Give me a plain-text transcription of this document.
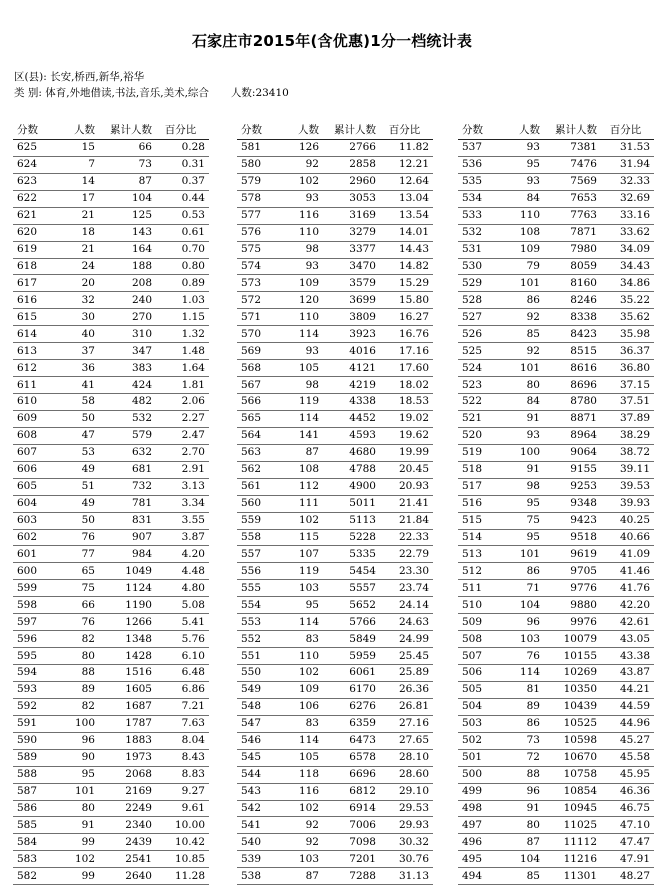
石家庄市2015年(含优惠)1分一档统计表
区(县): 长安,桥西,新华,裕华
类 别: 体育,外地借读,书法,音乐,美术,综合 人数:23410
分数	人数	累计人数	百分比
625	15	66	0.28
624	7	73	0.31
623	14	87	0.37
622	17	104	0.44
621	21	125	0.53
620	18	143	0.61
619	21	164	0.70
618	24	188	0.80
617	20	208	0.89
616	32	240	1.03
615	30	270	1.15
614	40	310	1.32
613	37	347	1.48
612	36	383	1.64
611	41	424	1.81
610	58	482	2.06
609	50	532	2.27
608	47	579	2.47
607	53	632	2.70
606	49	681	2.91
605	51	732	3.13
604	49	781	3.34
603	50	831	3.55
602	76	907	3.87
601	77	984	4.20
600	65	1049	4.48
599	75	1124	4.80
598	66	1190	5.08
597	76	1266	5.41
596	82	1348	5.76
595	80	1428	6.10
594	88	1516	6.48
593	89	1605	6.86
592	82	1687	7.21
591	100	1787	7.63
590	96	1883	8.04
589	90	1973	8.43
588	95	2068	8.83
587	101	2169	9.27
586	80	2249	9.61
585	91	2340	10.00
584	99	2439	10.42
583	102	2541	10.85
582	99	2640	11.28
分数	人数	累计人数	百分比
581	126	2766	11.82
580	92	2858	12.21
579	102	2960	12.64
578	93	3053	13.04
577	116	3169	13.54
576	110	3279	14.01
575	98	3377	14.43
574	93	3470	14.82
573	109	3579	15.29
572	120	3699	15.80
571	110	3809	16.27
570	114	3923	16.76
569	93	4016	17.16
568	105	4121	17.60
567	98	4219	18.02
566	119	4338	18.53
565	114	4452	19.02
564	141	4593	19.62
563	87	4680	19.99
562	108	4788	20.45
561	112	4900	20.93
560	111	5011	21.41
559	102	5113	21.84
558	115	5228	22.33
557	107	5335	22.79
556	119	5454	23.30
555	103	5557	23.74
554	95	5652	24.14
553	114	5766	24.63
552	83	5849	24.99
551	110	5959	25.45
550	102	6061	25.89
549	109	6170	26.36
548	106	6276	26.81
547	83	6359	27.16
546	114	6473	27.65
545	105	6578	28.10
544	118	6696	28.60
543	116	6812	29.10
542	102	6914	29.53
541	92	7006	29.93
540	92	7098	30.32
539	103	7201	30.76
538	87	7288	31.13
分数	人数	累计人数	百分比
537	93	7381	31.53
536	95	7476	31.94
535	93	7569	32.33
534	84	7653	32.69
533	110	7763	33.16
532	108	7871	33.62
531	109	7980	34.09
530	79	8059	34.43
529	101	8160	34.86
528	86	8246	35.22
527	92	8338	35.62
526	85	8423	35.98
525	92	8515	36.37
524	101	8616	36.80
523	80	8696	37.15
522	84	8780	37.51
521	91	8871	37.89
520	93	8964	38.29
519	100	9064	38.72
518	91	9155	39.11
517	98	9253	39.53
516	95	9348	39.93
515	75	9423	40.25
514	95	9518	40.66
513	101	9619	41.09
512	86	9705	41.46
511	71	9776	41.76
510	104	9880	42.20
509	96	9976	42.61
508	103	10079	43.05
507	76	10155	43.38
506	114	10269	43.87
505	81	10350	44.21
504	89	10439	44.59
503	86	10525	44.96
502	73	10598	45.27
501	72	10670	45.58
500	88	10758	45.95
499	96	10854	46.36
498	91	10945	46.75
497	80	11025	47.10
496	87	11112	47.47
495	104	11216	47.91
494	85	11301	48.27
